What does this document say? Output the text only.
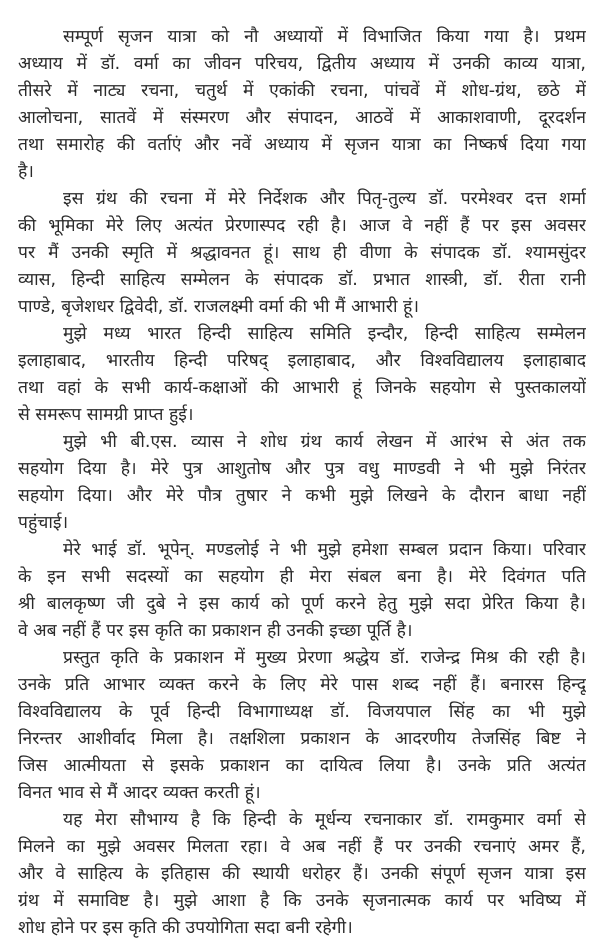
सम्पूर्ण सृजन यात्रा को नौ अध्यायों में विभाजित किया गया है। प्रथम
अध्याय में डॉ. वर्मा का जीवन परिचय, द्वितीय अध्याय में उनकी काव्य यात्रा,
तीसरे में नाट्य रचना, चतुर्थ में एकांकी रचना, पांचवें में शोध-ग्रंथ, छठे में
आलोचना, सातवें में संस्मरण और संपादन, आठवें में आकाशवाणी, दूरदर्शन
तथा समारोह की वर्ताएं और नवें अध्याय में सृजन यात्रा का निष्कर्ष दिया गया
है।
इस ग्रंथ की रचना में मेरे निर्देशक और पितृ-तुल्य डॉ. परमेश्वर दत्त शर्मा
की भूमिका मेरे लिए अत्यंत प्रेरणास्पद रही है। आज वे नहीं हैं पर इस अवसर
पर मैं उनकी स्मृति में श्रद्धावनत हूं। साथ ही वीणा के संपादक डॉ. श्यामसुंदर
व्यास, हिन्दी साहित्य सम्मेलन के संपादक डॉ. प्रभात शास्त्री, डॉ. रीता रानी
पाण्डे, बृजेशधर द्विवेदी, डॉ. राजलक्ष्मी वर्मा की भी मैं आभारी हूं।
मुझे मध्य भारत हिन्दी साहित्य समिति इन्दौर, हिन्दी साहित्य सम्मेलन
इलाहाबाद, भारतीय हिन्दी परिषद् इलाहाबाद, और विश्वविद्यालय इलाहाबाद
तथा वहां के सभी कार्य-कक्षाओं की आभारी हूं जिनके सहयोग से पुस्तकालयों
से समरूप सामग्री प्राप्त हुई।
मुझे भी बी.एस. व्यास ने शोध ग्रंथ कार्य लेखन में आरंभ से अंत तक
सहयोग दिया है। मेरे पुत्र आशुतोष और पुत्र वधु माण्डवी ने भी मुझे निरंतर
सहयोग दिया। और मेरे पौत्र तुषार ने कभी मुझे लिखने के दौरान बाधा नहीं
पहुंचाई।
मेरे भाई डॉ. भूपेन्. मण्डलोई ने भी मुझे हमेशा सम्बल प्रदान किया। परिवार
के इन सभी सदस्यों का सहयोग ही मेरा संबल बना है। मेरे दिवंगत पति
श्री बालकृष्ण जी दुबे ने इस कार्य को पूर्ण करने हेतु मुझे सदा प्रेरित किया है।
वे अब नहीं हैं पर इस कृति का प्रकाशन ही उनकी इच्छा पूर्ति है।
प्रस्तुत कृति के प्रकाशन में मुख्य प्रेरणा श्रद्धेय डॉ. राजेन्द्र मिश्र की रही है।
उनके प्रति आभार व्यक्त करने के लिए मेरे पास शब्द नहीं हैं। बनारस हिन्दू
विश्वविद्यालय के पूर्व हिन्दी विभागाध्यक्ष डॉ. विजयपाल सिंह का भी मुझे
निरन्तर आशीर्वाद मिला है। तक्षशिला प्रकाशन के आदरणीय तेजसिंह बिष्ट ने
जिस आत्मीयता से इसके प्रकाशन का दायित्व लिया है। उनके प्रति अत्यंत
विनत भाव से मैं आदर व्यक्त करती हूं।
यह मेरा सौभाग्य है कि हिन्दी के मूर्धन्य रचनाकार डॉ. रामकुमार वर्मा से
मिलने का मुझे अवसर मिलता रहा। वे अब नहीं हैं पर उनकी रचनाएं अमर हैं,
और वे साहित्य के इतिहास की स्थायी धरोहर हैं। उनकी संपूर्ण सृजन यात्रा इस
ग्रंथ में समाविष्ट है। मुझे आशा है कि उनके सृजनात्मक कार्य पर भविष्य में
शोध होने पर इस कृति की उपयोगिता सदा बनी रहेगी।
